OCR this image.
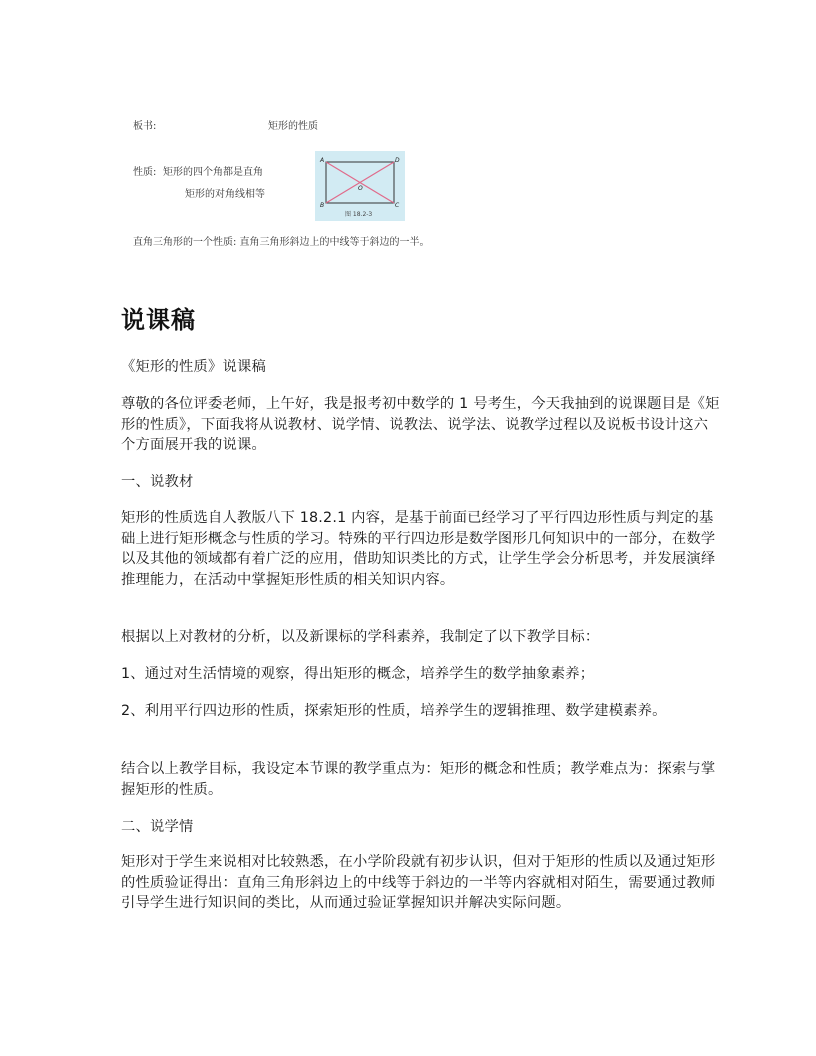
板书:	矩形的性质
性质: 矩形的四个角都是直角
矩形的对角线相等
A	D
B	C
O
图 18.2-3
直角三角形的一个性质: 直角三角形斜边上的中线等于斜边的一半。
说课稿

《矩形的性质》说课稿

尊敬的各位评委老师，上午好，我是报考初中数学的 1 号考生，今天我抽到的说课题目是《矩形的性质》，下面我将从说教材、说学情、说教法、说学法、说教学过程以及说板书设计这六个方面展开我的说课。

一、说教材

矩形的性质选自人教版八下 18.2.1 内容，是基于前面已经学习了平行四边形性质与判定的基础上进行矩形概念与性质的学习。特殊的平行四边形是数学图形几何知识中的一部分，在数学以及其他的领域都有着广泛的应用，借助知识类比的方式，让学生学会分析思考，并发展演绎推理能力，在活动中掌握矩形性质的相关知识内容。

根据以上对教材的分析，以及新课标的学科素养，我制定了以下教学目标：

1、通过对生活情境的观察，得出矩形的概念，培养学生的数学抽象素养；

2、利用平行四边形的性质，探索矩形的性质，培养学生的逻辑推理、数学建模素养。

结合以上教学目标，我设定本节课的教学重点为：矩形的概念和性质；教学难点为：探索与掌握矩形的性质。

二、说学情

矩形对于学生来说相对比较熟悉，在小学阶段就有初步认识，但对于矩形的性质以及通过矩形的性质验证得出：直角三角形斜边上的中线等于斜边的一半等内容就相对陌生，需要通过教师引导学生进行知识间的类比，从而通过验证掌握知识并解决实际问题。
